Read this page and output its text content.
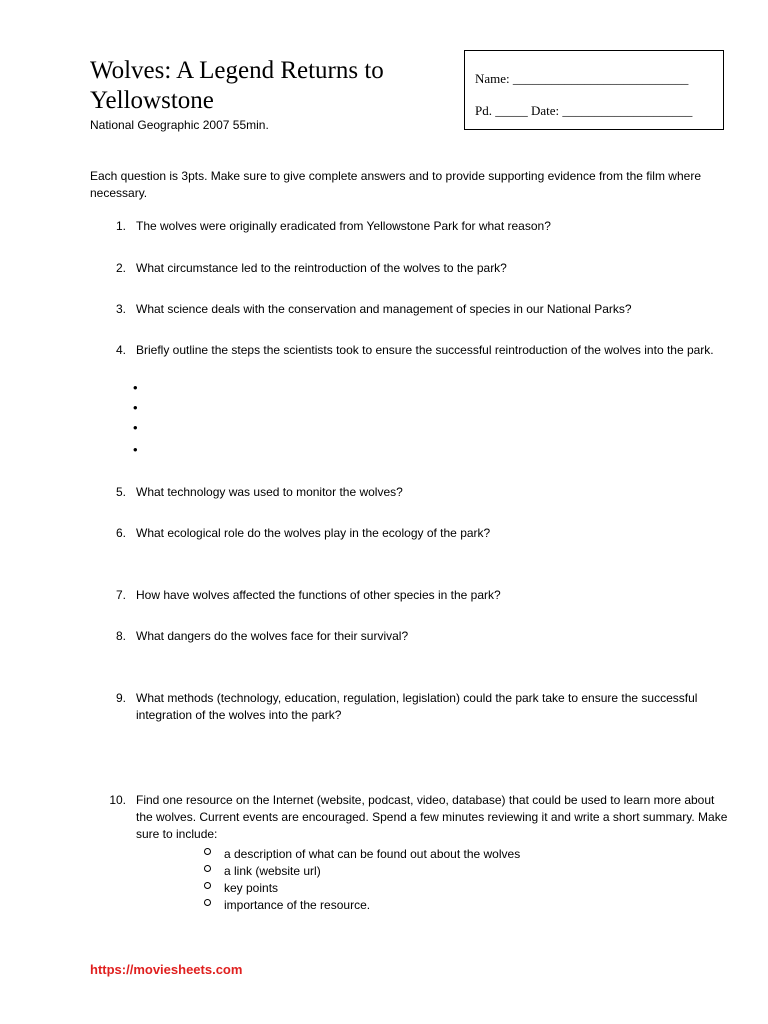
Wolves: A Legend Returns to Yellowstone
National Geographic 2007 55min.
Name: ___________________________
Pd. _____ Date: ____________________
Each question is 3pts. Make sure to give complete answers and to provide supporting evidence from the film where necessary.
1. The wolves were originally eradicated from Yellowstone Park for what reason?
2. What circumstance led to the reintroduction of the wolves to the park?
3. What science deals with the conservation and management of species in our National Parks?
4. Briefly outline the steps the scientists took to ensure the successful reintroduction of the wolves into the park.
•
•
•
•
5. What technology was used to monitor the wolves?
6. What ecological role do the wolves play in the ecology of the park?
7. How have wolves affected the functions of other species in the park?
8. What dangers do the wolves face for their survival?
9. What methods (technology, education, regulation, legislation) could the park take to ensure the successful integration of the wolves into the park?
10. Find one resource on the Internet (website, podcast, video, database) that could be used to learn more about the wolves. Current events are encouraged. Spend a few minutes reviewing it and write a short summary. Make sure to include:
a description of what can be found out about the wolves
a link (website url)
key points
importance of the resource.
https://moviesheets.com
